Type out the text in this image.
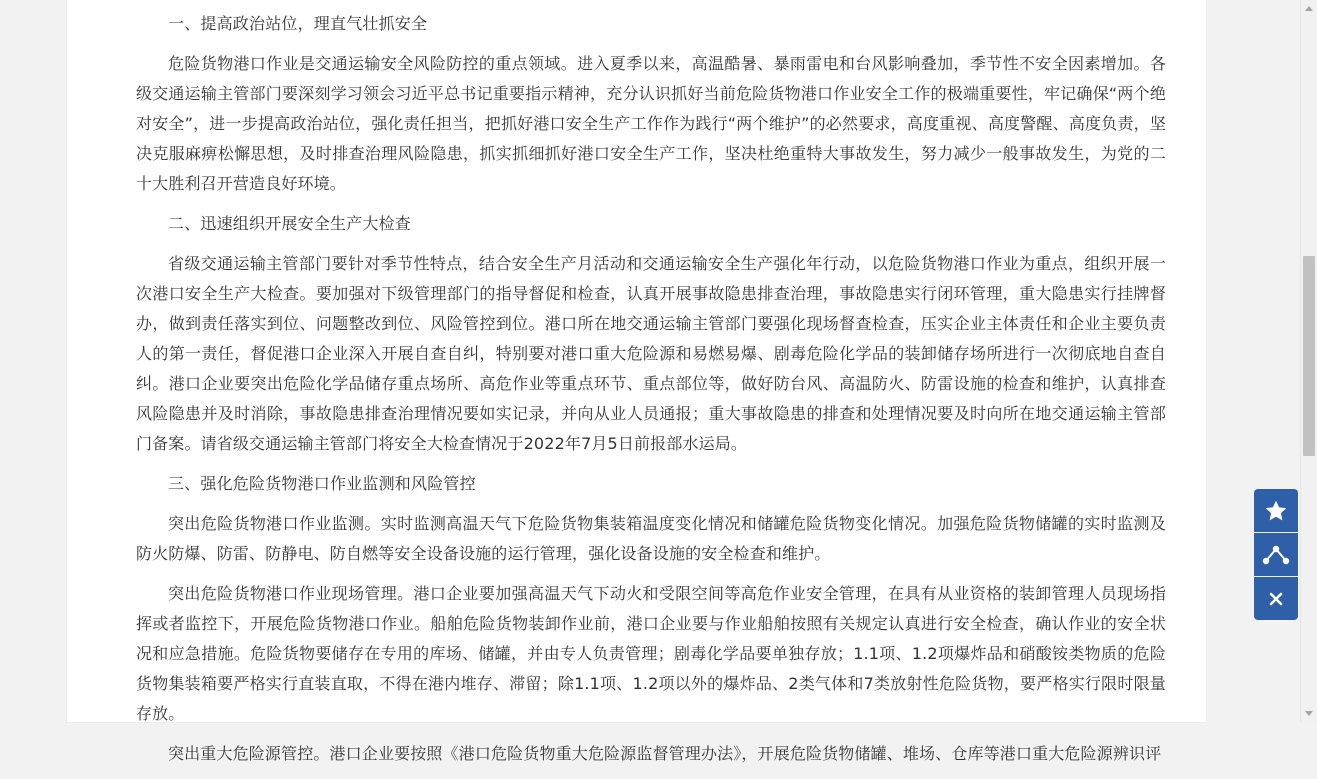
一、提高政治站位，理直气壮抓安全

危险货物港口作业是交通运输安全风险防控的重点领域。进入夏季以来，高温酷暑、暴雨雷电和台风影响叠加，季节性不安全因素增加。各级交通运输主管部门要深刻学习领会习近平总书记重要指示精神，充分认识抓好当前危险货物港口作业安全工作的极端重要性，牢记确保“两个绝对安全”，进一步提高政治站位，强化责任担当，把抓好港口安全生产工作作为践行“两个维护”的必然要求，高度重视、高度警醒、高度负责，坚决克服麻痹松懈思想，及时排查治理风险隐患，抓实抓细抓好港口安全生产工作，坚决杜绝重特大事故发生，努力减少一般事故发生，为党的二十大胜利召开营造良好环境。

二、迅速组织开展安全生产大检查

省级交通运输主管部门要针对季节性特点，结合安全生产月活动和交通运输安全生产强化年行动，以危险货物港口作业为重点，组织开展一次港口安全生产大检查。要加强对下级管理部门的指导督促和检查，认真开展事故隐患排查治理，事故隐患实行闭环管理，重大隐患实行挂牌督办，做到责任落实到位、问题整改到位、风险管控到位。港口所在地交通运输主管部门要强化现场督查检查，压实企业主体责任和企业主要负责人的第一责任，督促港口企业深入开展自查自纠，特别要对港口重大危险源和易燃易爆、剧毒危险化学品的装卸储存场所进行一次彻底地自查自纠。港口企业要突出危险化学品储存重点场所、高危作业等重点环节、重点部位等，做好防台风、高温防火、防雷设施的检查和维护，认真排查风险隐患并及时消除，事故隐患排查治理情况要如实记录，并向从业人员通报；重大事故隐患的排查和处理情况要及时向所在地交通运输主管部门备案。请省级交通运输主管部门将安全大检查情况于2022年7月5日前报部水运局。

三、强化危险货物港口作业监测和风险管控

突出危险货物港口作业监测。实时监测高温天气下危险货物集装箱温度变化情况和储罐危险货物变化情况。加强危险货物储罐的实时监测及防火防爆、防雷、防静电、防自燃等安全设备设施的运行管理，强化设备设施的安全检查和维护。

突出危险货物港口作业现场管理。港口企业要加强高温天气下动火和受限空间等高危作业安全管理，在具有从业资格的装卸管理人员现场指挥或者监控下，开展危险货物港口作业。船舶危险货物装卸作业前，港口企业要与作业船舶按照有关规定认真进行安全检查，确认作业的安全状况和应急措施。危险货物要储存在专用的库场、储罐，并由专人负责管理；剧毒化学品要单独存放；1.1项、1.2项爆炸品和硝酸铵类物质的危险货物集装箱要严格实行直装直取，不得在港内堆存、滞留；除1.1项、1.2项以外的爆炸品、2类气体和7类放射性危险货物，要严格实行限时限量存放。

突出重大危险源管控。港口企业要按照《港口危险货物重大危险源监督管理办法》，开展危险货物储罐、堆场、仓库等港口重大危险源辨识评
